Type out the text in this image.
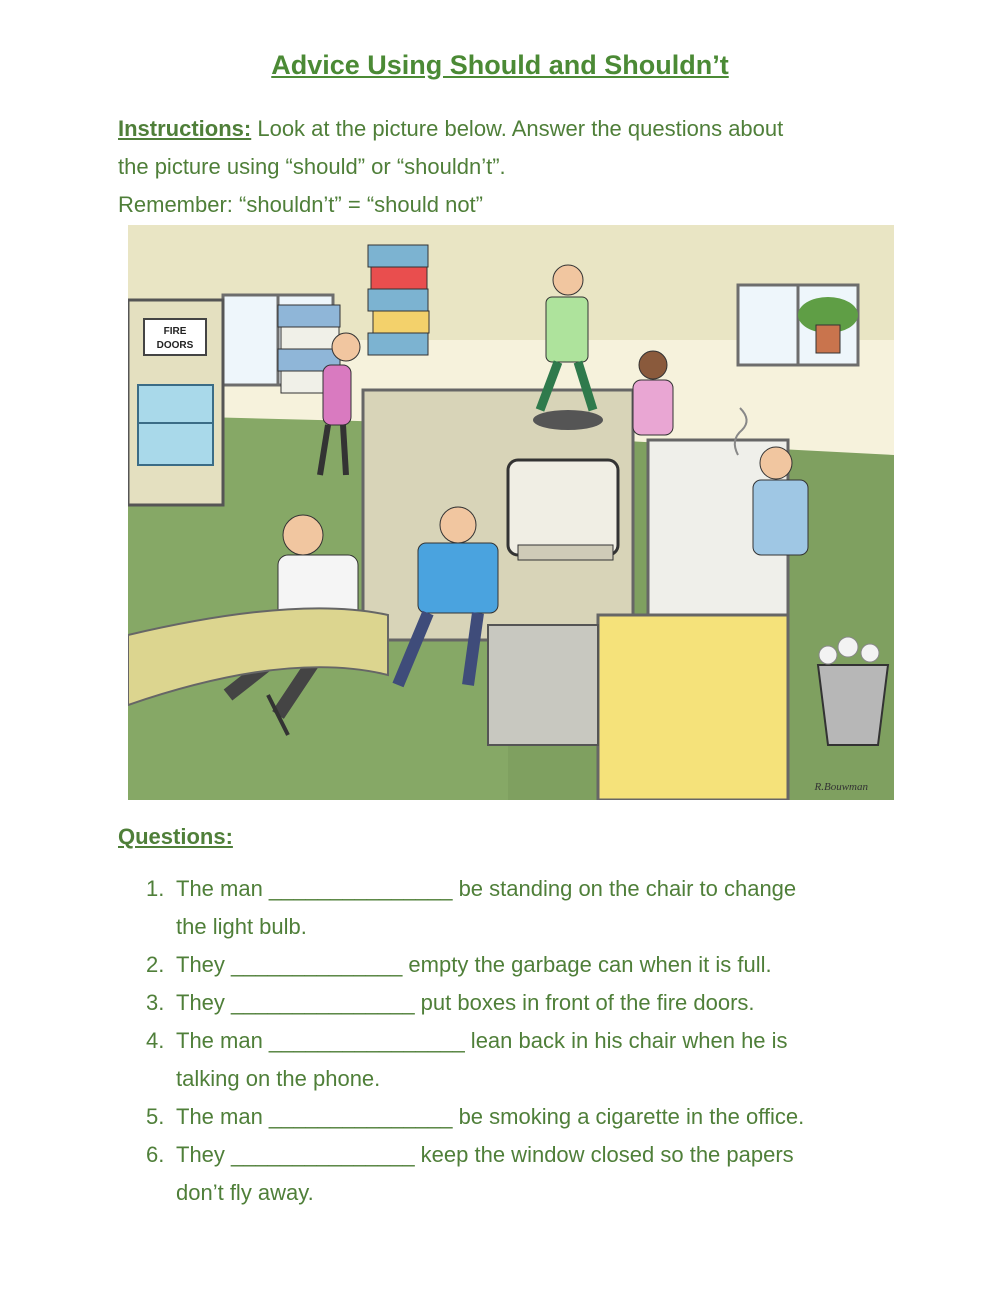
Advice Using Should and Shouldn’t
Instructions: Look at the picture below. Answer the questions about
the picture using “should” or “shouldn’t”.
Remember: “shouldn’t” = “should not”
FIRE
DOORS
R.Bouwman
Questions:
1. The man _______________ be standing on the chair to change
the light bulb.
2. They ______________ empty the garbage can when it is full.
3. They _______________ put boxes in front of the fire doors.
4. The man ________________ lean back in his chair when he is
talking on the phone.
5. The man _______________ be smoking a cigarette in the office.
6. They _______________ keep the window closed so the papers
don’t fly away.
